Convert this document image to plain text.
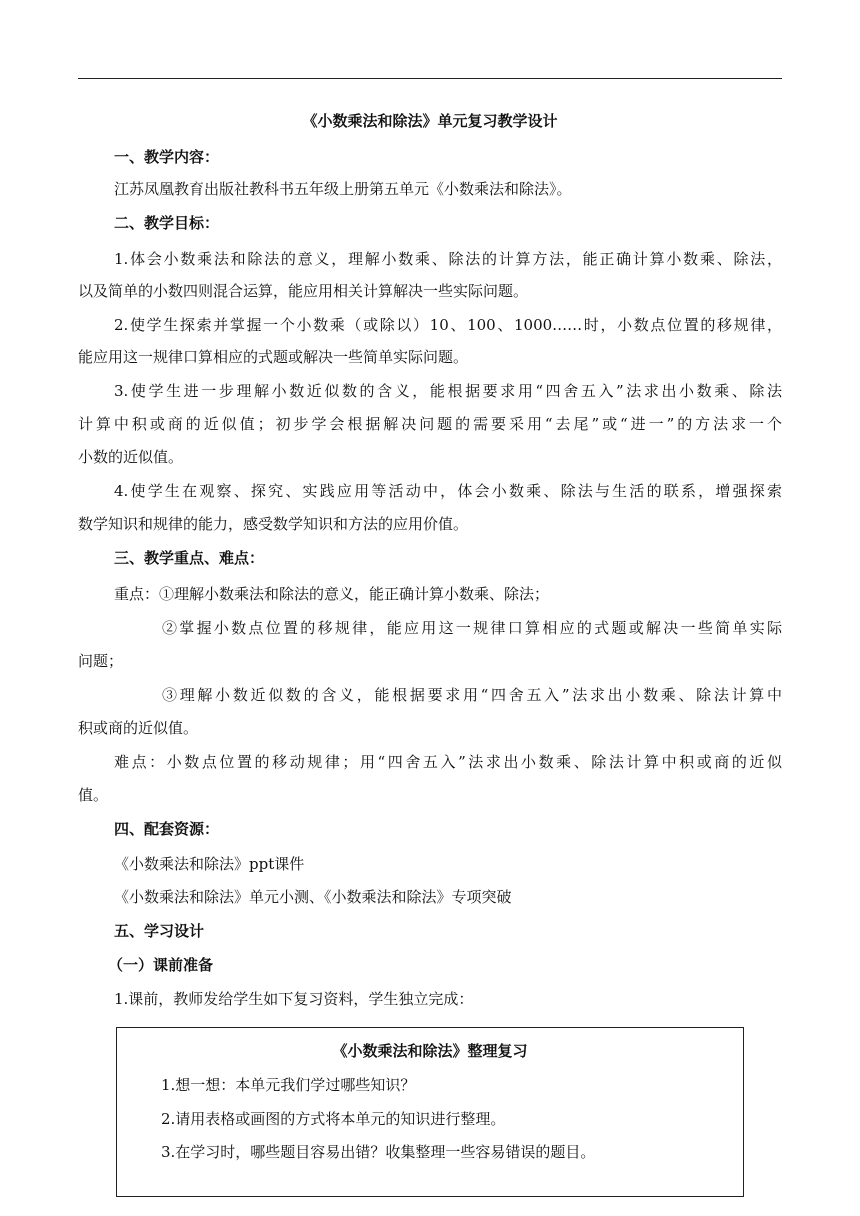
《小数乘法和除法》单元复习教学设计
一、教学内容：
江苏凤凰教育出版社教科书五年级上册第五单元《小数乘法和除法》。
二、教学目标：
1.体会小数乘法和除法的意义，理解小数乘、除法的计算方法，能正确计算小数乘、除法，
以及简单的小数四则混合运算，能应用相关计算解决一些实际问题。
2.使学生探索并掌握一个小数乘（或除以）10、100、1000……时，小数点位置的移规律，
能应用这一规律口算相应的式题或解决一些简单实际问题。
3.使学生进一步理解小数近似数的含义，能根据要求用“四舍五入”法求出小数乘、除法
计算中积或商的近似值；初步学会根据解决问题的需要采用“去尾”或“进一”的方法求一个
小数的近似值。
4.使学生在观察、探究、实践应用等活动中，体会小数乘、除法与生活的联系，增强探索
数学知识和规律的能力，感受数学知识和方法的应用价值。
三、教学重点、难点：
重点：①理解小数乘法和除法的意义，能正确计算小数乘、除法；
②掌握小数点位置的移规律，能应用这一规律口算相应的式题或解决一些简单实际
问题；
③理解小数近似数的含义，能根据要求用“四舍五入”法求出小数乘、除法计算中
积或商的近似值。
难点：小数点位置的移动规律；用“四舍五入”法求出小数乘、除法计算中积或商的近似
值。
四、配套资源：
《小数乘法和除法》ppt课件
《小数乘法和除法》单元小测、《小数乘法和除法》专项突破
五、学习设计
（一）课前准备
1.课前，教师发给学生如下复习资料，学生独立完成：
《小数乘法和除法》整理复习
1.想一想：本单元我们学过哪些知识？
2.请用表格或画图的方式将本单元的知识进行整理。
3.在学习时，哪些题目容易出错？收集整理一些容易错误的题目。
